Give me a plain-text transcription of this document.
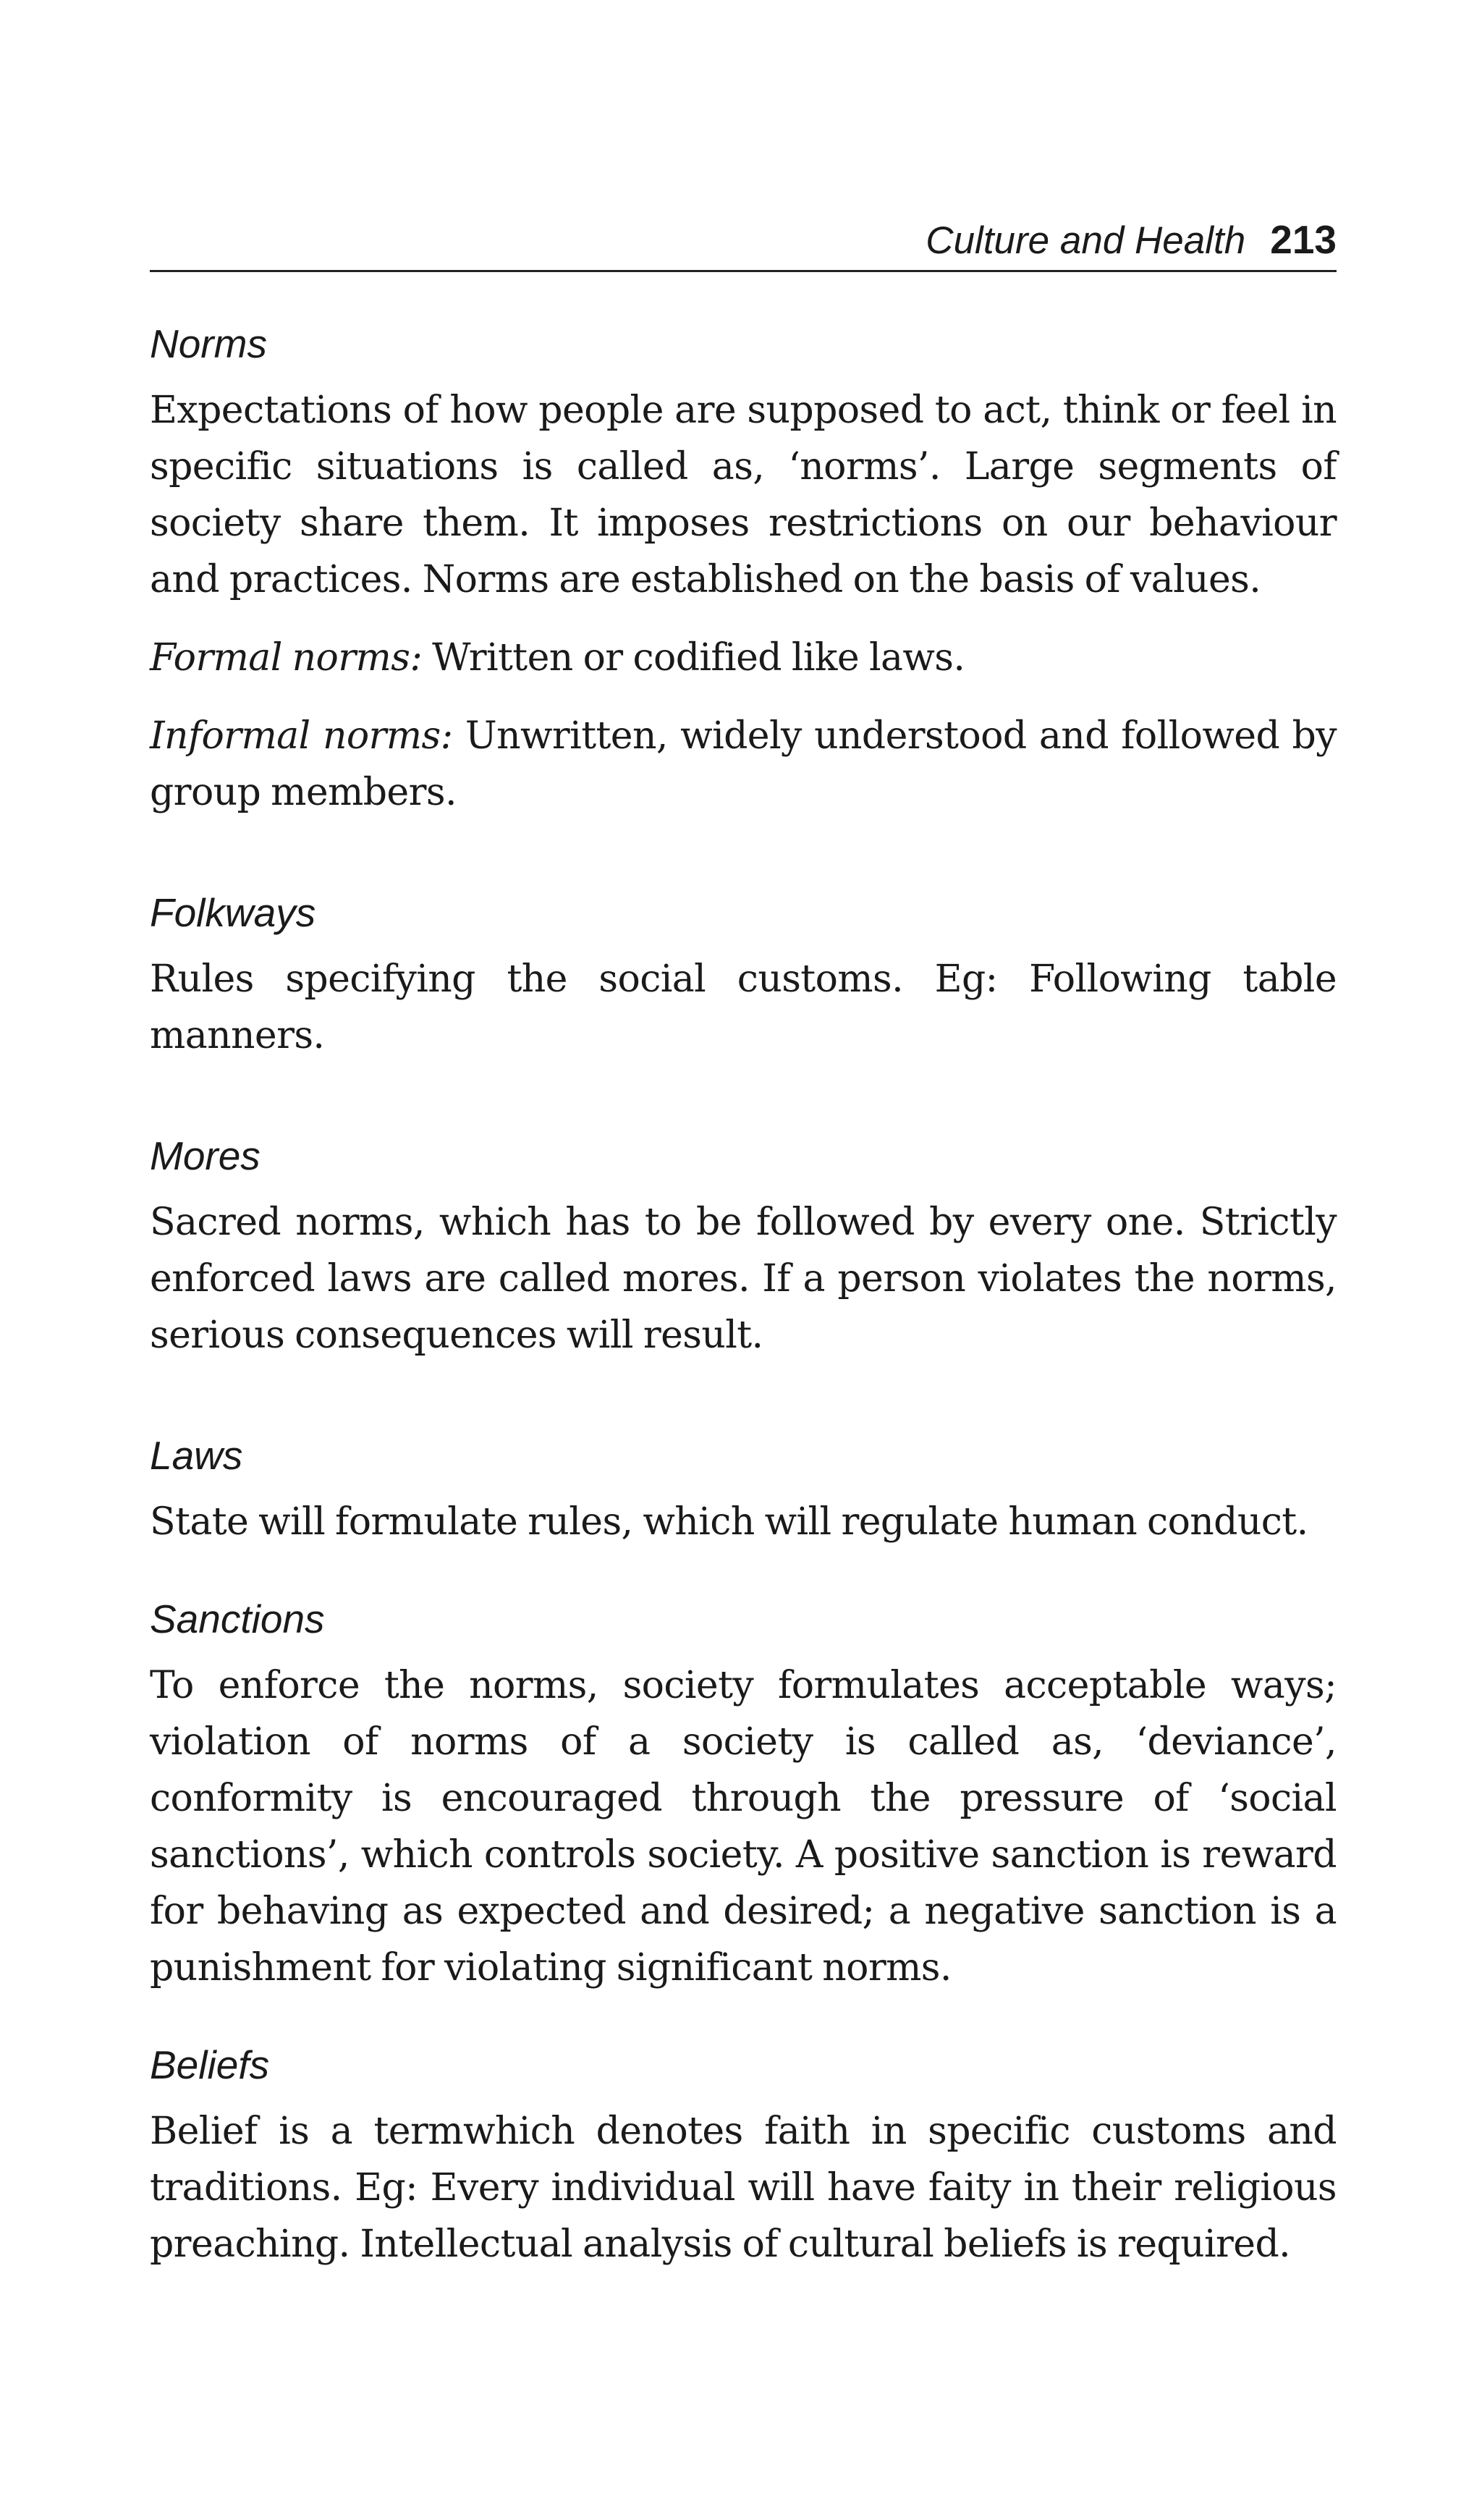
Culture and Health 213
Norms

Expectations of how people are supposed to act, think or feel in specific situations is called as, ‘norms’. Large segments of society share them. It imposes restrictions on our behaviour and practices. Norms are established on the basis of values.

Formal norms: Written or codified like laws.

Informal norms: Unwritten, widely understood and followed by group members.

Folkways

Rules specifying the social customs. Eg: Following table manners.

Mores

Sacred norms, which has to be followed by every one. Strictly enforced laws are called mores. If a person violates the norms, serious consequences will result.

Laws

State will formulate rules, which will regulate human conduct.

Sanctions

To enforce the norms, society formulates acceptable ways; violation of norms of a society is called as, ‘deviance’, conformity is encouraged through the pressure of ‘social sanctions’, which controls society. A positive sanction is reward for behaving as expected and desired; a negative sanction is a punishment for violating significant norms.

Beliefs

Belief is a termwhich denotes faith in specific customs and traditions. Eg: Every individual will have faity in their religious preaching. Intellectual analysis of cultural beliefs is required.
